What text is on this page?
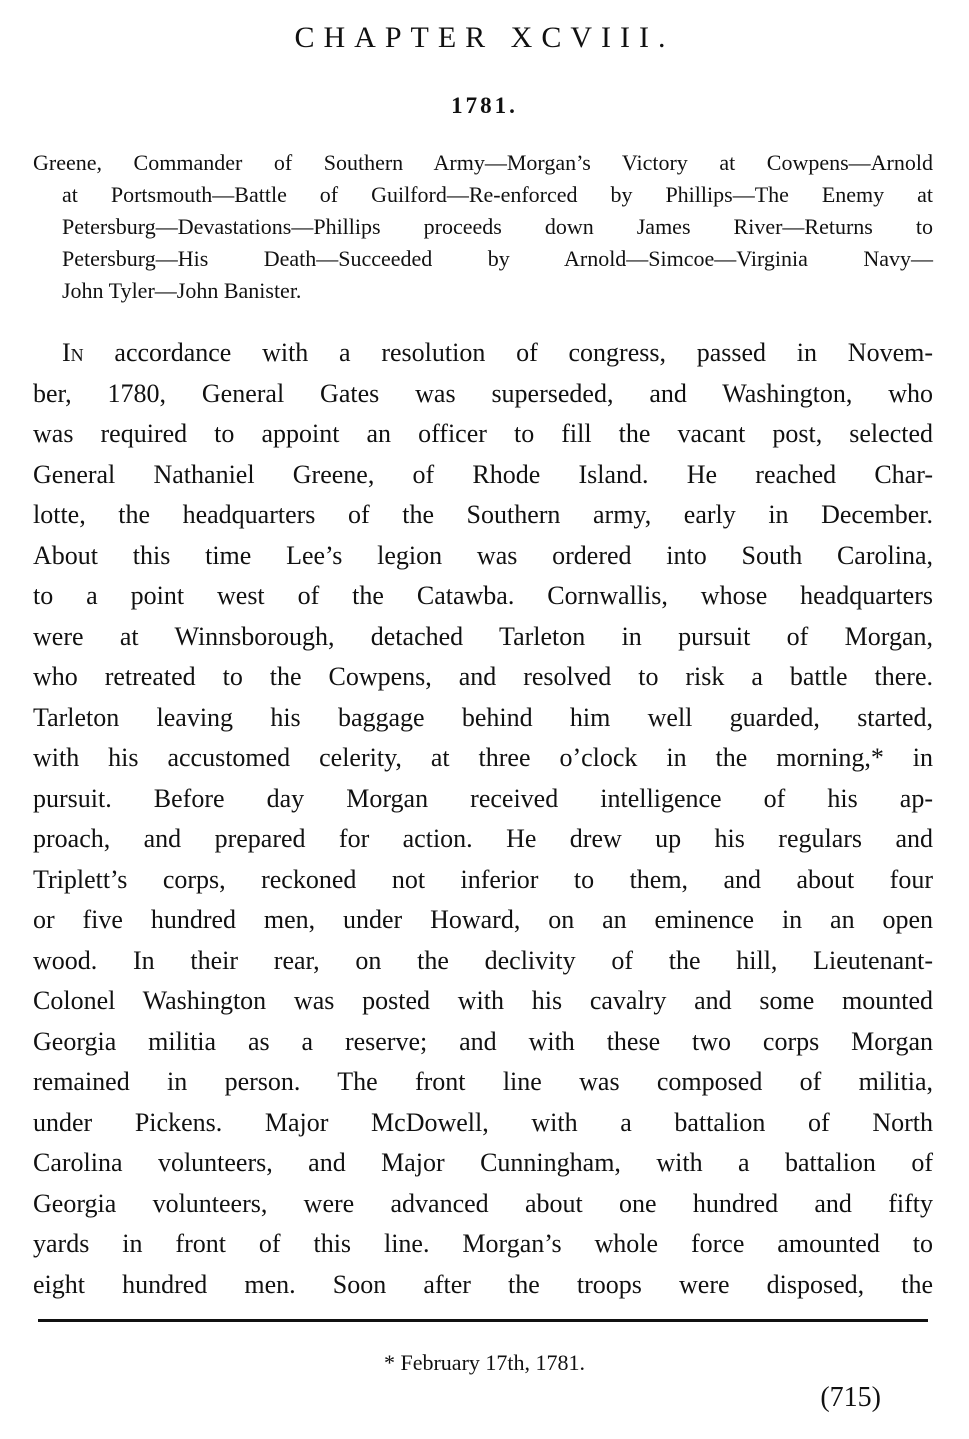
CHAPTER XCVIII.
1781.
Greene, Commander of Southern Army—Morgan’s Victory at Cowpens—Arnold
at Portsmouth—Battle of Guilford—Re-enforced by Phillips—The Enemy at
Petersburg—Devastations—Phillips proceeds down James River—Returns to
Petersburg—His Death—Succeeded by Arnold—Simcoe—Virginia Navy—
John Tyler—John Banister.
In accordance with a resolution of congress, passed in Novem-
ber, 1780, General Gates was superseded, and Washington, who
was required to appoint an officer to fill the vacant post, selected
General Nathaniel Greene, of Rhode Island. He reached Char-
lotte, the headquarters of the Southern army, early in December.
About this time Lee’s legion was ordered into South Carolina,
to a point west of the Catawba. Cornwallis, whose headquarters
were at Winnsborough, detached Tarleton in pursuit of Morgan,
who retreated to the Cowpens, and resolved to risk a battle there.
Tarleton leaving his baggage behind him well guarded, started,
with his accustomed celerity, at three o’clock in the morning,* in
pursuit. Before day Morgan received intelligence of his ap-
proach, and prepared for action. He drew up his regulars and
Triplett’s corps, reckoned not inferior to them, and about four
or five hundred men, under Howard, on an eminence in an open
wood. In their rear, on the declivity of the hill, Lieutenant-
Colonel Washington was posted with his cavalry and some mounted
Georgia militia as a reserve; and with these two corps Morgan
remained in person. The front line was composed of militia,
under Pickens. Major McDowell, with a battalion of North
Carolina volunteers, and Major Cunningham, with a battalion of
Georgia volunteers, were advanced about one hundred and fifty
yards in front of this line. Morgan’s whole force amounted to
eight hundred men. Soon after the troops were disposed, the
* February 17th, 1781.
(715)
